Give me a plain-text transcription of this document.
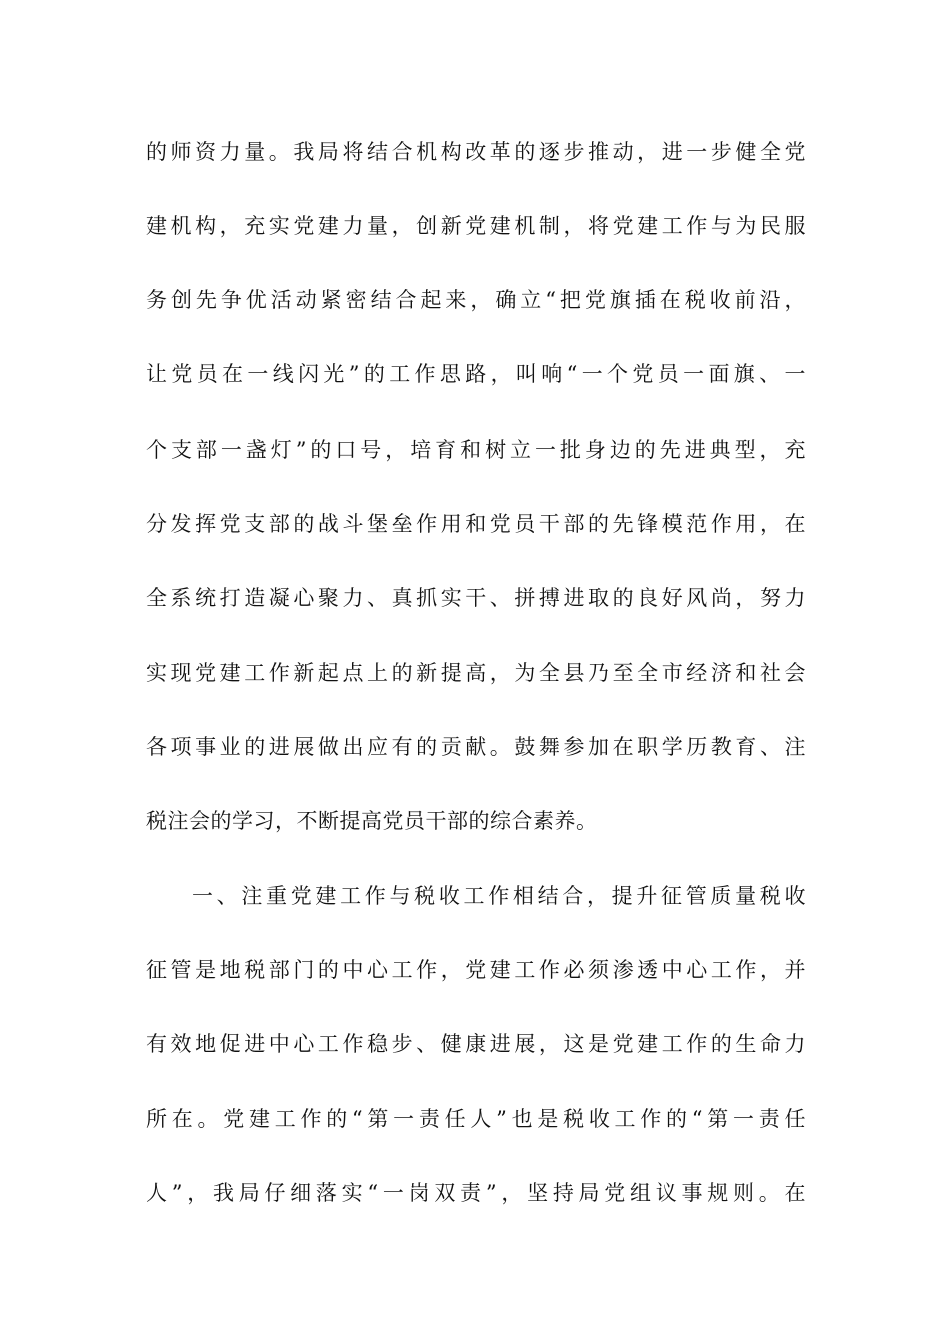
的师资力量。我局将结合机构改革的逐步推动，进一步健全党
建机构，充实党建力量，创新党建机制，将党建工作与为民服
务创先争优活动紧密结合起来，确立“把党旗插在税收前沿，
让党员在一线闪光”的工作思路，叫响“一个党员一面旗、一
个支部一盏灯”的口号，培育和树立一批身边的先进典型，充
分发挥党支部的战斗堡垒作用和党员干部的先锋模范作用，在
全系统打造凝心聚力、真抓实干、拼搏进取的良好风尚，努力
实现党建工作新起点上的新提高，为全县乃至全市经济和社会
各项事业的进展做出应有的贡献。鼓舞参加在职学历教育、注
税注会的学习，不断提高党员干部的综合素养。
一、注重党建工作与税收工作相结合，提升征管质量税收
征管是地税部门的中心工作，党建工作必须渗透中心工作，并
有效地促进中心工作稳步、健康进展，这是党建工作的生命力
所在。党建工作的“第一责任人”也是税收工作的“第一责任
人”，我局仔细落实“一岗双责”，坚持局党组议事规则。在
